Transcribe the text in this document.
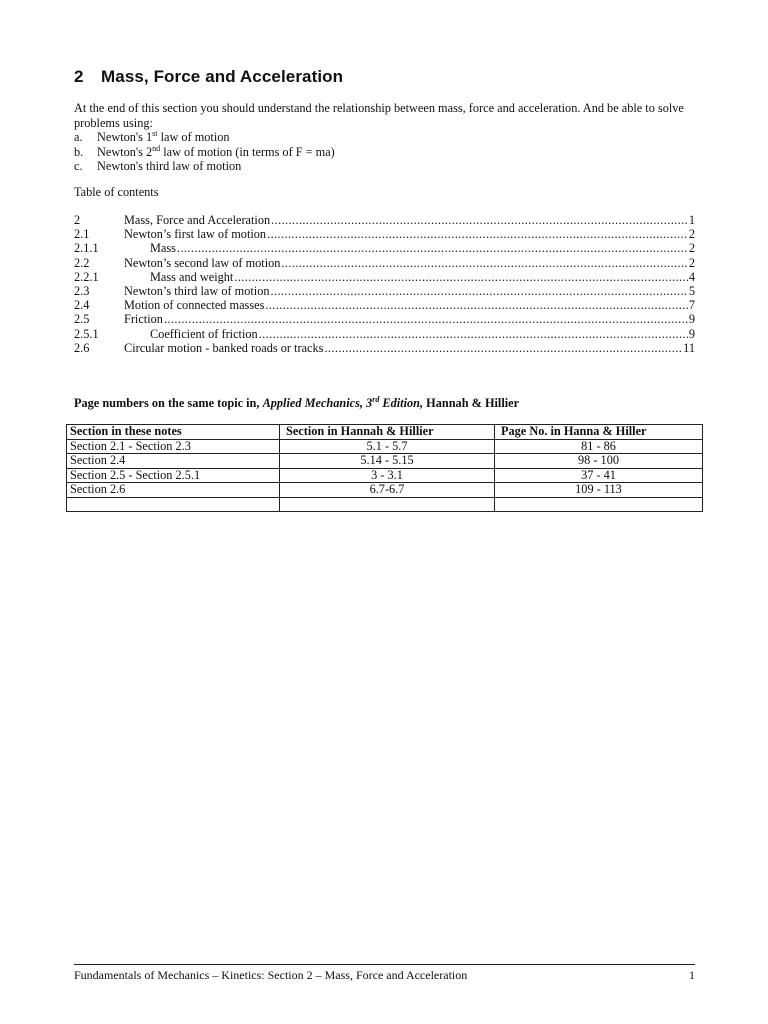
2 Mass, Force and Acceleration

At the end of this section you should understand the relationship between mass, force and acceleration. And be able to solve problems using:

a.	Newton's 1st law of motion
b.	Newton's 2nd law of motion (in terms of F = ma)
c.	Newton's third law of motion
Table of contents
2	Mass, Force and Acceleration .....	1
2.1	Newton’s first law of motion .....	2
2.1.1	Mass .....	2
2.2	Newton’s second law of motion .....	2
2.2.1	Mass and weight .....	4
2.3	Newton’s third law of motion .....	5
2.4	Motion of connected masses .....	7
2.5	Friction .....	9
2.5.1	Coefficient of friction .....	9
2.6	Circular motion - banked roads or tracks .....	11
Page numbers on the same topic in, Applied Mechanics, 3rd Edition, Hannah & Hillier
Section in these notes	Section in Hannah & Hillier	Page No. in Hanna & Hiller
Section 2.1 - Section 2.3	5.1 - 5.7	81 - 86
Section 2.4	5.14 - 5.15	98 - 100
Section 2.5 - Section 2.5.1	3 - 3.1	37 - 41
Section 2.6	6.7-6.7	109 - 113

Fundamentals of Mechanics – Kinetics: Section 2 – Mass, Force and Acceleration	1
